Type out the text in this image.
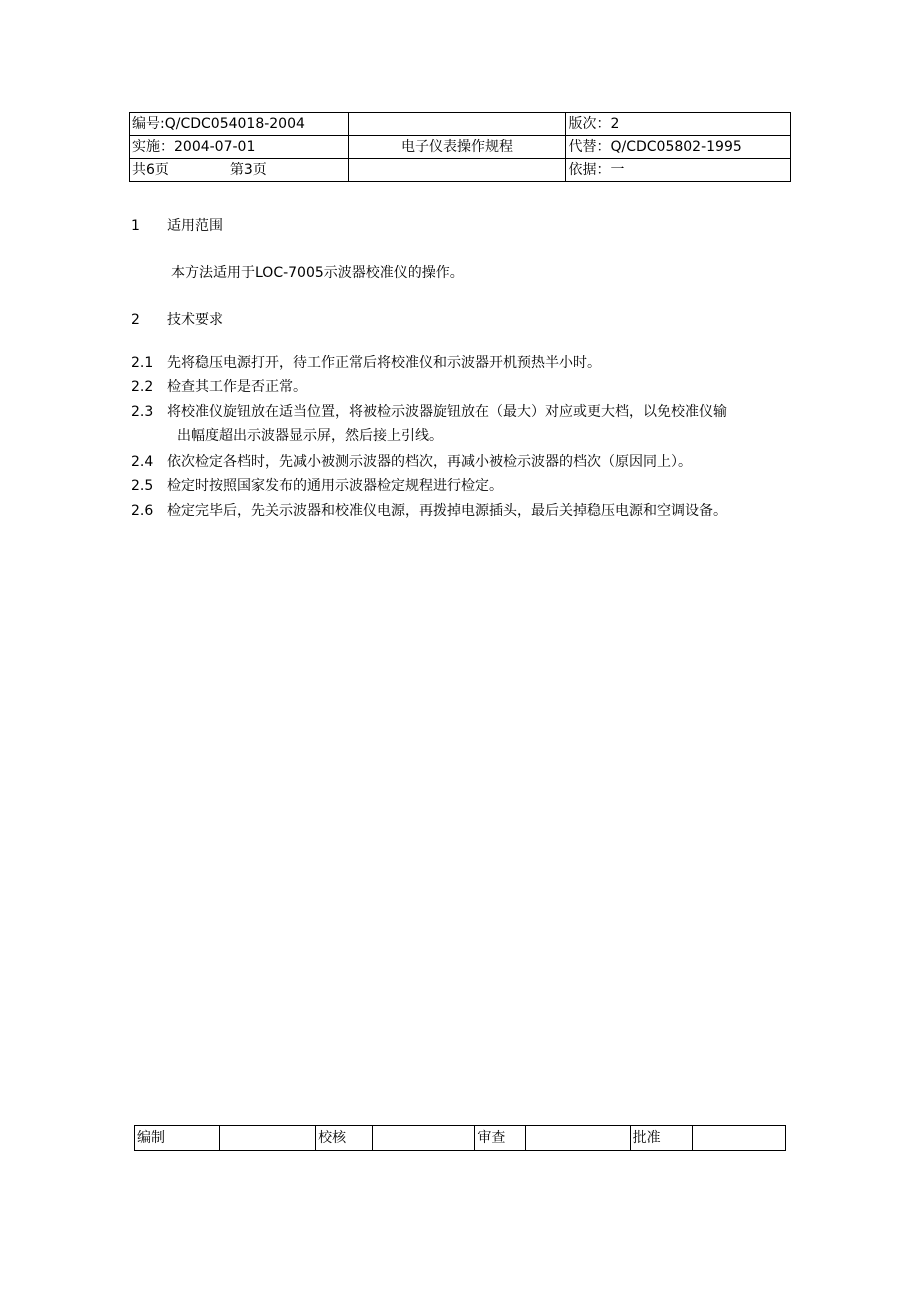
编号:Q/CDC054018-2004		版次：2
实施：2004-07-01	电子仪表操作规程	代替：Q/CDC05802-1995
共6页 第3页		依据：一
1 适用范围
本方法适用于LOC-7005示波器校准仪的操作。
2 技术要求
2.1 先将稳压电源打开，待工作正常后将校准仪和示波器开机预热半小时。
2.2 检查其工作是否正常。
2.3 将校准仪旋钮放在适当位置，将被检示波器旋钮放在（最大）对应或更大档，以免校准仪输
出幅度超出示波器显示屏，然后接上引线。
2.4 依次检定各档时，先减小被测示波器的档次，再减小被检示波器的档次（原因同上）。
2.5 检定时按照国家发布的通用示波器检定规程进行检定。
2.6 检定完毕后，先关示波器和校准仪电源，再拨掉电源插头，最后关掉稳压电源和空调设备。
编制		校核		审查		批准	
